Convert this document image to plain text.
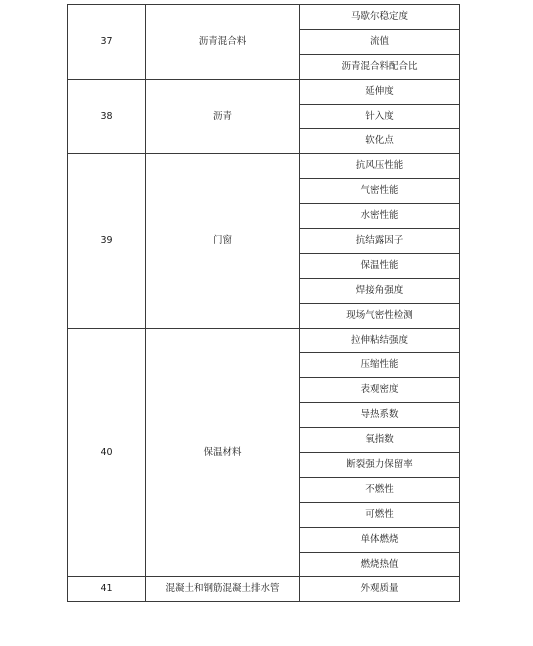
37	沥青混合料	马歇尔稳定度
		流值
		沥青混合料配合比
38	沥青	延伸度
		针入度
		软化点
39	门窗	抗风压性能
		气密性能
		水密性能
		抗结露因子
		保温性能
		焊接角强度
		现场气密性检测
40	保温材料	拉伸粘结强度
		压缩性能
		表观密度
		导热系数
		氧指数
		断裂强力保留率
		不燃性
		可燃性
		单体燃烧
		燃烧热值
41	混凝土和钢筋混凝土排水管	外观质量
